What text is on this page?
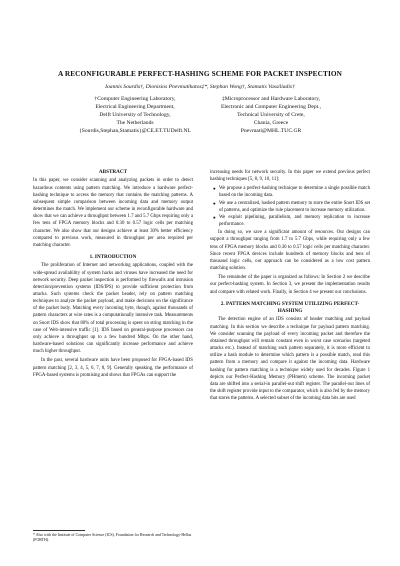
A RECONFIGURABLE PERFECT-HASHING SCHEME FOR PACKET INSPECTION
Ioannis Sourdis†, Dionisios Pnevmatikatos‡*, Stephan Wong†, Stamatis Vassiliadis†
†Computer Engineering Laboratory,
Electrical Engineering Department,
Delft University of Technology,
The Netherlands
{Sourdis,Stephan,Stamatis}@CE.ET.TUDelft.NL
‡Microprocessor and Hardware Laboratory,
Electronic and Computer Engineering Dept.,
Technical University of Crete,
Chania, Greece
Pnevmati@MHL.TUC.GR
ABSTRACT
In this paper, we consider scanning and analyzing packets in order to detect hazardous contents using pattern matching. We introduce a hardware perfect-hashing technique to access the memory that contains the matching patterns. A subsequent simple comparison between incoming data and memory output determines the match. We implement our scheme in reconfigurable hardware and show that we can achieve a throughput between 1.7 and 5.7 Gbps requiring only a few tens of FPGA memory blocks and 0.30 to 0.57 logic cells per matching character. We also show that our designs achieve at least 30% better efficiency compared to previous work, measured in throughput per area required per matching character.
1. INTRODUCTION
The proliferation of Internet and networking applications, coupled with the wide-spread availability of system hacks and viruses have increased the need for network security. Deep packet inspection is performed by firewalls and intrusion detection/prevention systems (IDS/IPS) to provide sufficient protection from attacks. Such systems check the packet header, rely on pattern matching techniques to analyze the packet payload, and make decisions on the significance of the packet body. Matching every incoming byte, though, against thousands of pattern characters at wire rates is a computationally intensive task. Measurements on Snort IDS show that 80% of total processing is spent on string matching in the case of Web-intensive traffic [1]. IDS based on general-purpose processors can only achieve a throughput up to a few hundred Mbps. On the other hand, hardware-based solutions can significantly increase performance and achieve much higher throughput.
In the past, several hardware units have been proposed for FPGA-based IDS pattern matching [2, 3, 4, 5, 6, 7, 8, 9]. Generally speaking, the performance of FPGA-based systems is promising and shows that FPGAs can support the
increasing needs for network security. In this paper we extend previous perfect hashing techniques [5, 8, 9, 10, 11]:
● We propose a perfect-hashing technique to determine a single possible match based on the incoming data.
● We use a centralized, hashed pattern memory to store the entire Snort IDS set of patterns, and optimize the rule placement to increase memory utilization.
● We exploit pipelining, parallelism, and memory replication to increase performance.
In doing so, we save a significant amount of resources. Our designs can support a throughput ranging from 1.7 to 5.7 Gbps, while requiring only a few tens of FPGA memory blocks and 0.30 to 0.57 logic cells per matching character. Since recent FPGA devices include hundreds of memory blocks and tens of thousand logic cells, our approach can be considered as a low cost pattern matching solution.
The remainder of the paper is organized as follows: In Section 2 we describe our perfect-hashing system. In Section 3, we present the implementation results and compare with related work. Finally, in Section 4 we present our conclusions.
2. PATTERN MATCHING SYSTEM UTILIZING PERFECT-HASHING
The detection engine of an IDS consists of header matching and payload matching. In this section we describe a technique for payload pattern matching. We consider scanning the payload of every incoming packet and therefore the obtained throughput will remain constant even in worst case scenarios (targeted attacks etc.). Instead of matching each pattern separately, it is more efficient to utilize a hash module to determine which pattern is a possible match, read this pattern from a memory and compare it against the incoming data. Hardware hashing for pattern matching is a technique widely used for decades. Figure 1 depicts our Perfect-Hashing Memory (PHmem) scheme. The incoming packet data are shifted into a serial-in parallel-out shift register. The parallel-out lines of the shift register provide input to the comparator, which is also fed by the memory that stores the patterns. A selected subset of the incoming data bits are used
* Also with the Institute of Computer Science (ICS), Foundation for Research and Technology-Hellas (FORTH).
